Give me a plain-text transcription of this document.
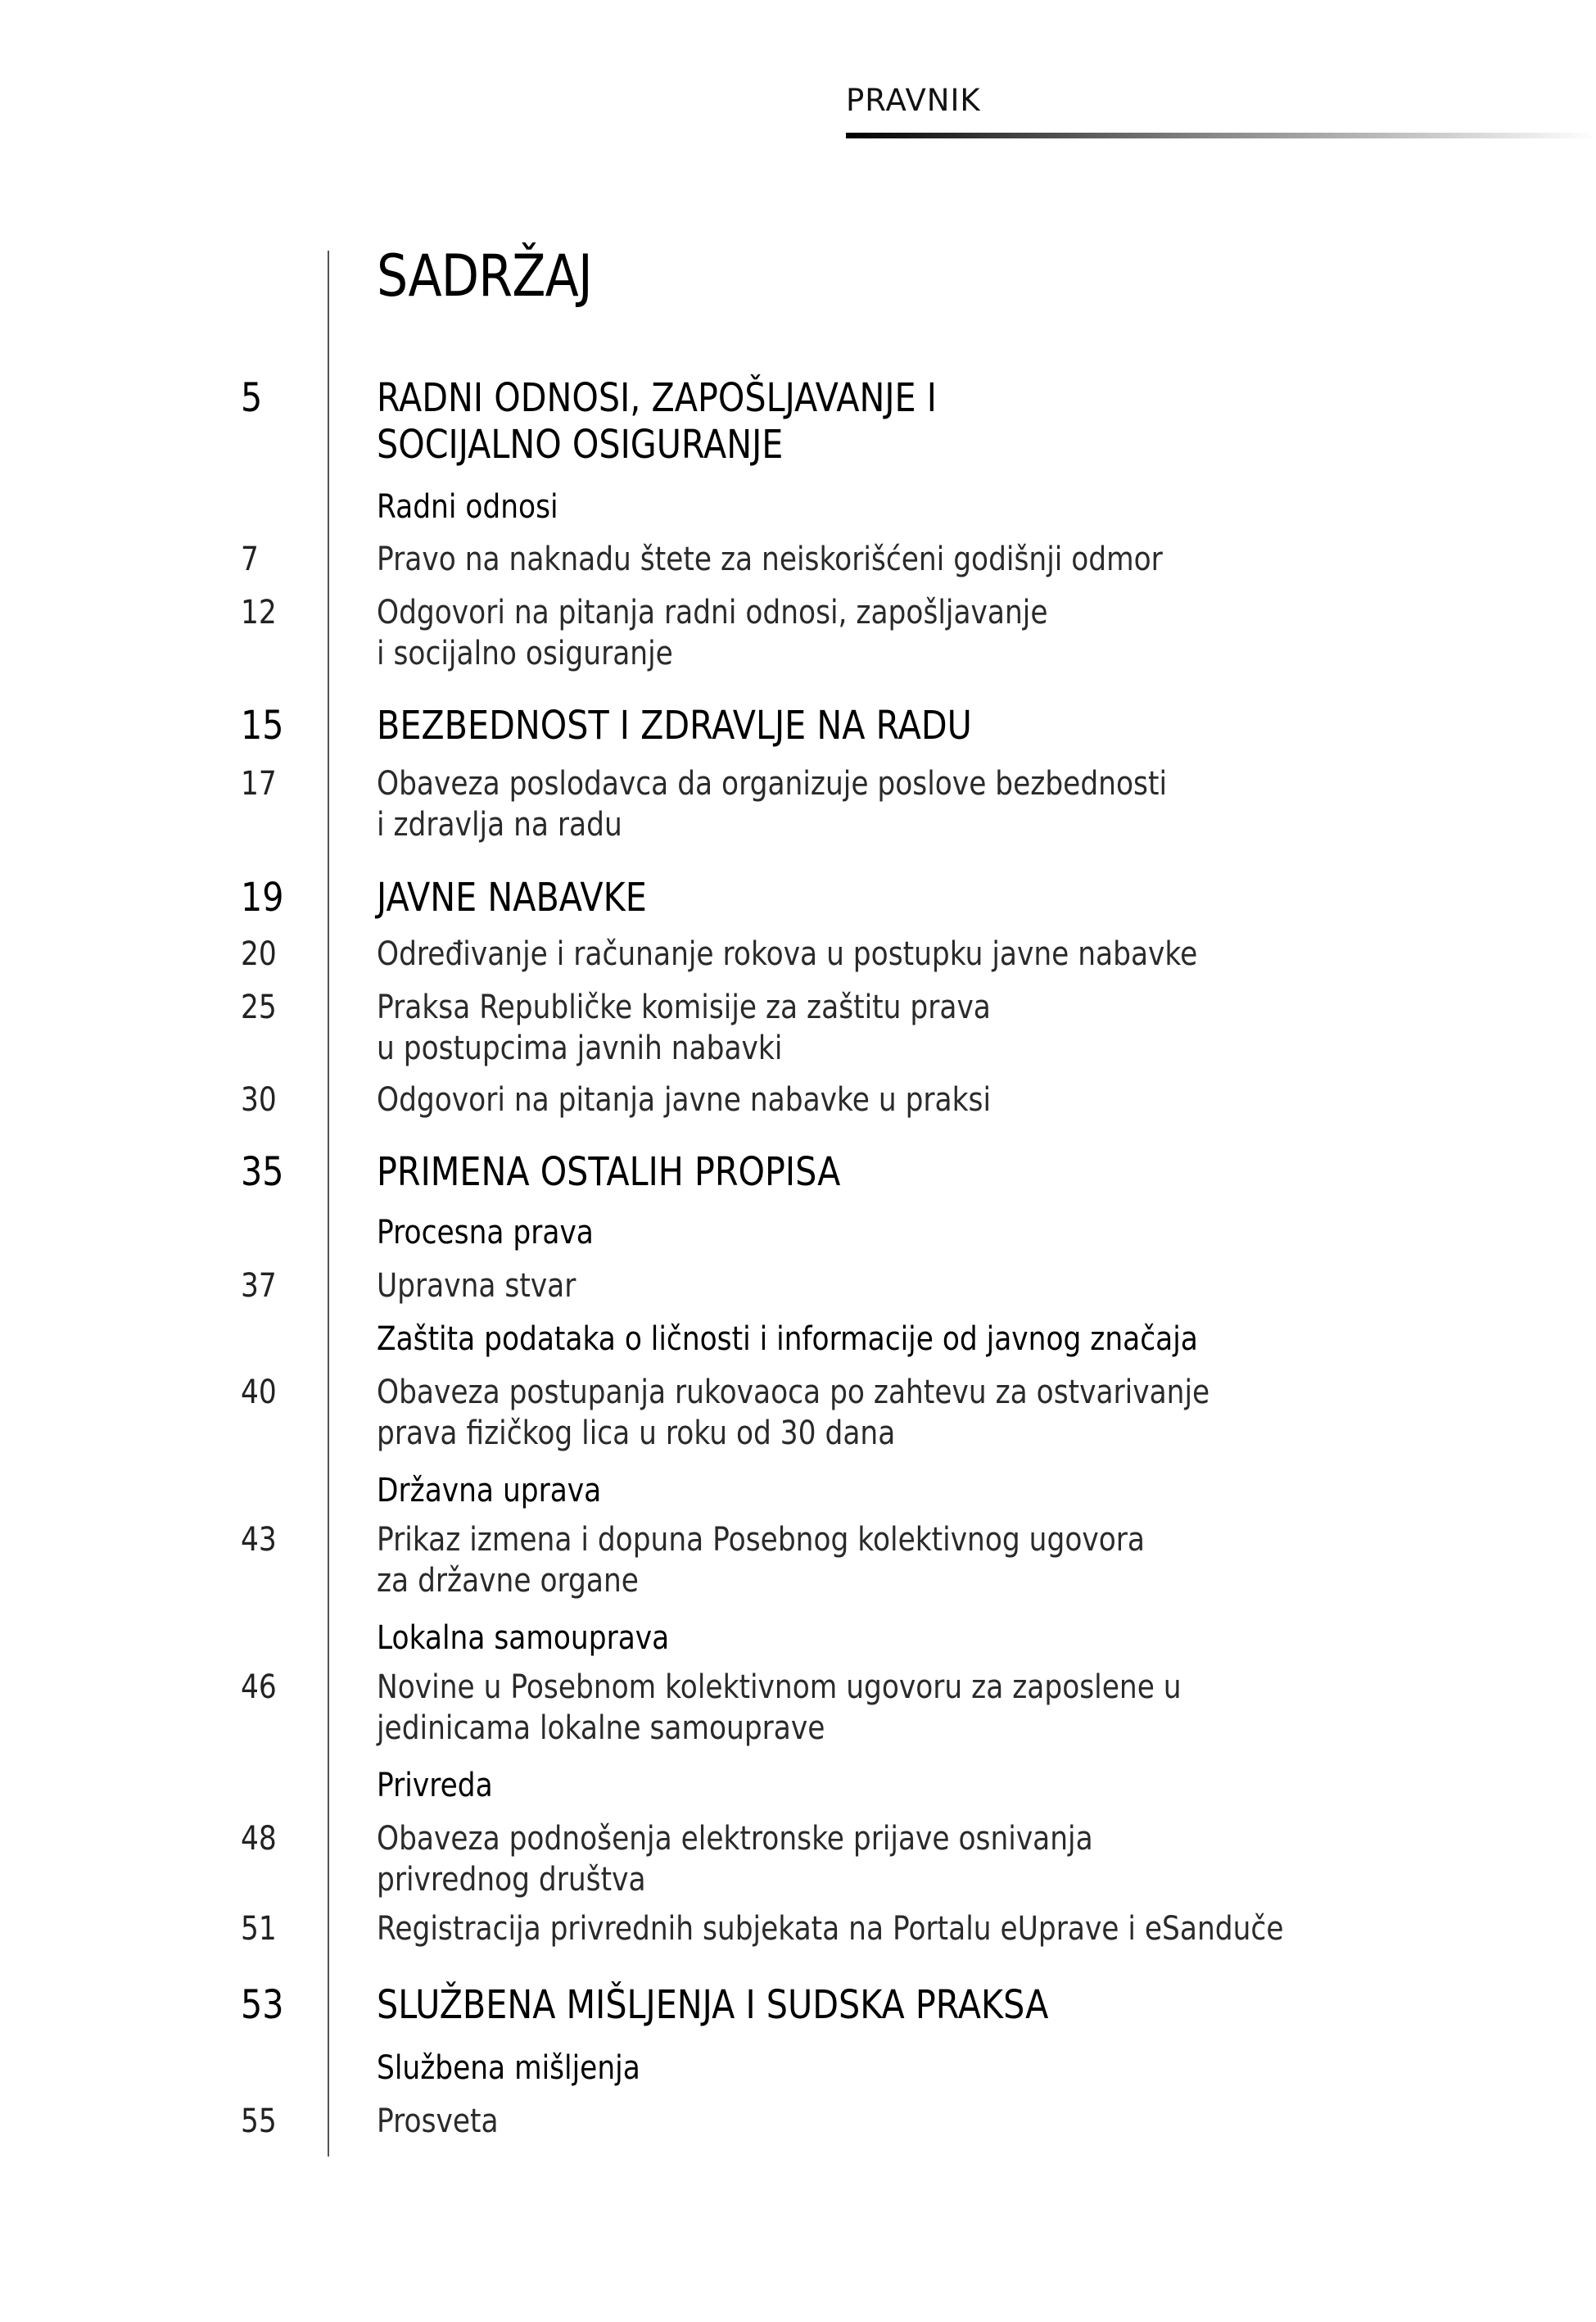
PRAVNIK
SADRŽAJ
5	RADNI ODNOSI, ZAPOŠLJAVANJE I
SOCIJALNO OSIGURANJE
Radni odnosi
7	Pravo na naknadu štete za neiskorišćeni godišnji odmor
12	Odgovori na pitanja radni odnosi, zapošljavanje
i socijalno osiguranje
15 BEZBEDNOST I ZDRAVLJE NA RADU
17	Obaveza poslodavca da organizuje poslove bezbednosti
i zdravlja na radu
19 JAVNE NABAVKE
20	Određivanje i računanje rokova u postupku javne nabavke
25	Praksa Republičke komisije za zaštitu prava
u postupcima javnih nabavki
30	Odgovori na pitanja javne nabavke u praksi
35 PRIMENA OSTALIH PROPISA
Procesna prava
37	Upravna stvar
Zaštita podataka o ličnosti i informacije od javnog značaja
40	Obaveza postupanja rukovaoca po zahtevu za ostvarivanje
prava fizičkog lica u roku od 30 dana
Državna uprava
43	Prikaz izmena i dopuna Posebnog kolektivnog ugovora
za državne organe
Lokalna samouprava
46	Novine u Posebnom kolektivnom ugovoru za zaposlene u
jedinicama lokalne samouprave
Privreda
48	Obaveza podnošenja elektronske prijave osnivanja
privrednog društva
51	Registracija privrednih subjekata na Portalu eUprave i eSandučе
53 SLUŽBENA MIŠLJENJA I SUDSKA PRAKSA
Službena mišljenja
55	Prosveta
